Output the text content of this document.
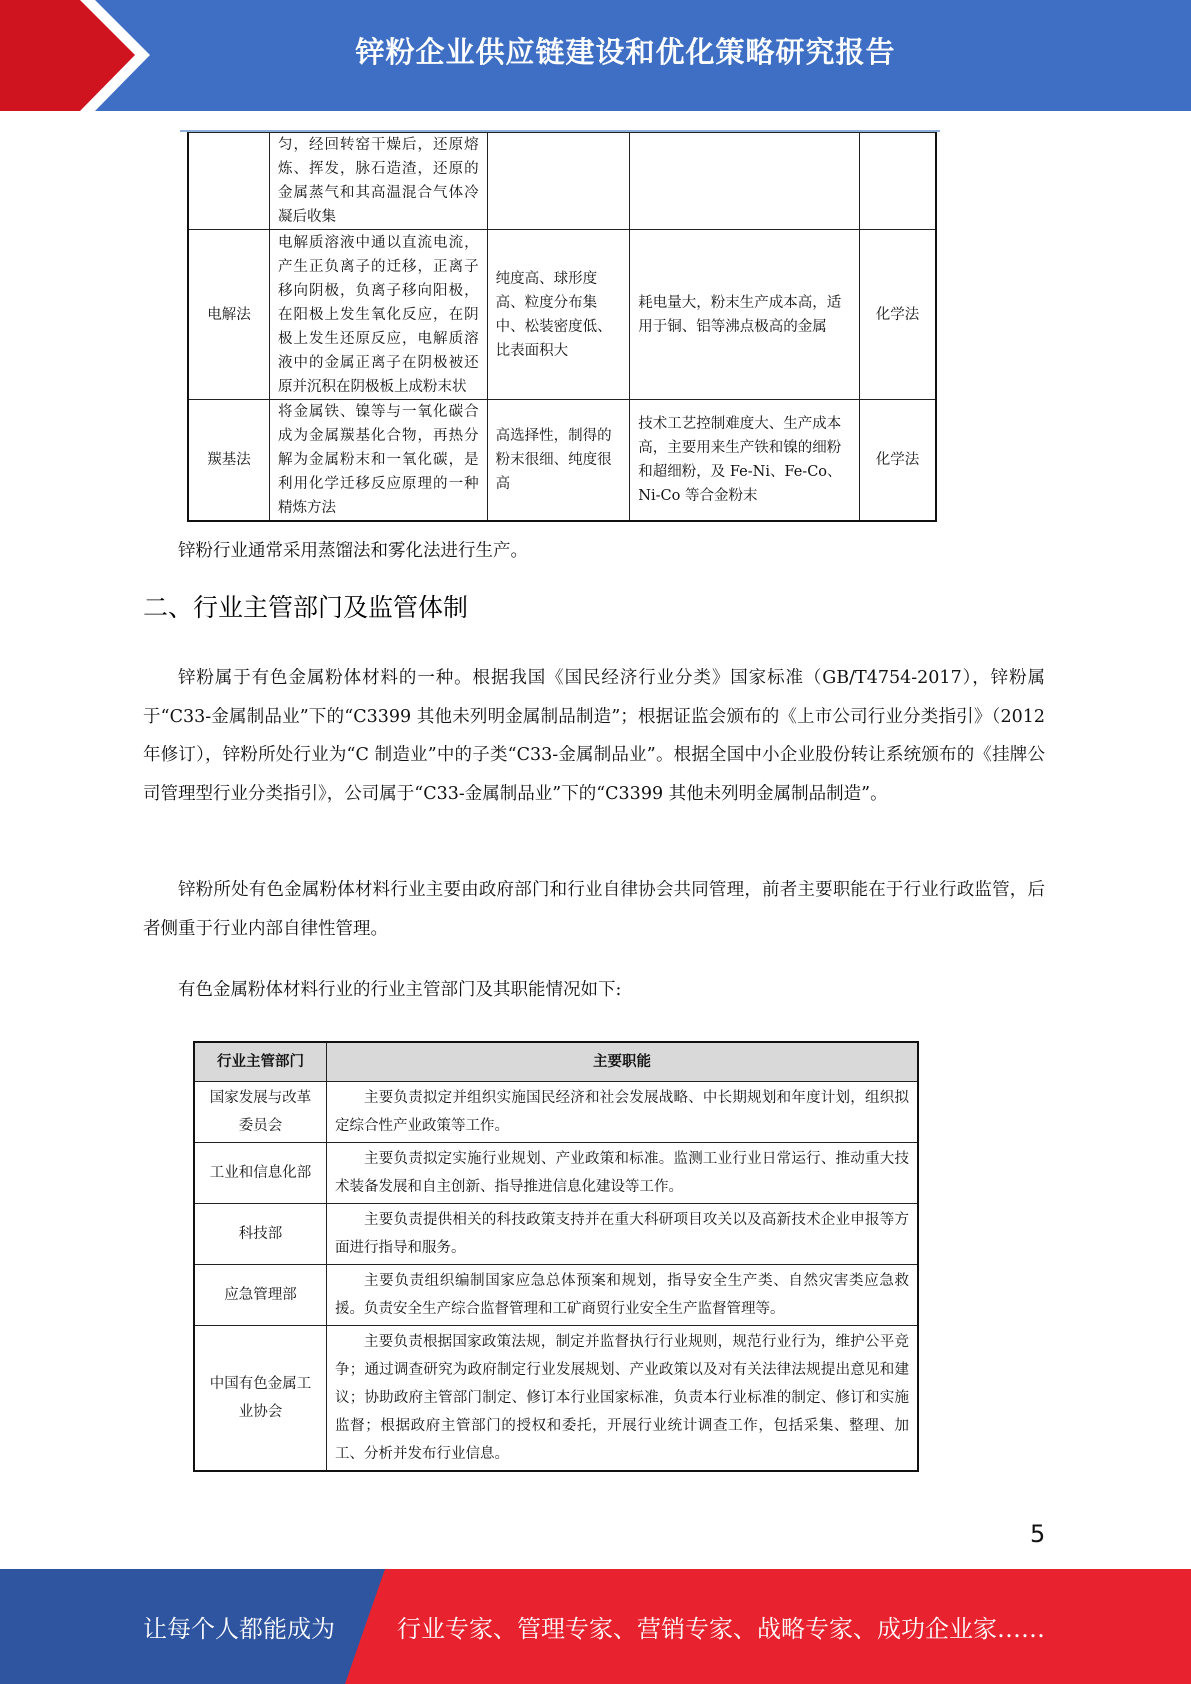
锌粉企业供应链建设和优化策略研究报告
	匀，经回转窑干燥后，还原熔炼、挥发，脉石造渣，还原的金属蒸气和其高温混合气体冷凝后收集			
电解法	电解质溶液中通以直流电流，产生正负离子的迁移，正离子移向阴极，负离子移向阳极，在阳极上发生氧化反应，在阴极上发生还原反应，电解质溶液中的金属正离子在阴极被还原并沉积在阴极板上成粉末状	纯度高、球形度高、粒度分布集中、松装密度低、比表面积大	耗电量大，粉末生产成本高，适用于铜、铝等沸点极高的金属	化学法
羰基法	将金属铁、镍等与一氧化碳合成为金属羰基化合物，再热分解为金属粉末和一氧化碳，是利用化学迁移反应原理的一种精炼方法	高选择性，制得的粉末很细、纯度很高	技术工艺控制难度大、生产成本高，主要用来生产铁和镍的细粉和超细粉，及 Fe-Ni、Fe-Co、Ni-Co 等合金粉末	化学法
锌粉行业通常采用蒸馏法和雾化法进行生产。
二、行业主管部门及监管体制
锌粉属于有色金属粉体材料的一种。根据我国《国民经济行业分类》国家标准（GB/T4754-2017），锌粉属于“C33-金属制品业”下的“C3399 其他未列明金属制品制造”；根据证监会颁布的《上市公司行业分类指引》（2012 年修订），锌粉所处行业为“C 制造业”中的子类“C33-金属制品业”。根据全国中小企业股份转让系统颁布的《挂牌公司管理型行业分类指引》，公司属于“C33-金属制品业”下的“C3399 其他未列明金属制品制造”。
锌粉所处有色金属粉体材料行业主要由政府部门和行业自律协会共同管理，前者主要职能在于行业行政监管，后者侧重于行业内部自律性管理。
有色金属粉体材料行业的行业主管部门及其职能情况如下:
行业主管部门	主要职能
国家发展与改革委员会	主要负责拟定并组织实施国民经济和社会发展战略、中长期规划和年度计划，组织拟定综合性产业政策等工作。
工业和信息化部	主要负责拟定实施行业规划、产业政策和标准。监测工业行业日常运行、推动重大技术装备发展和自主创新、指导推进信息化建设等工作。
科技部	主要负责提供相关的科技政策支持并在重大科研项目攻关以及高新技术企业申报等方面进行指导和服务。
应急管理部	主要负责组织编制国家应急总体预案和规划，指导安全生产类、自然灾害类应急救援。负责安全生产综合监督管理和工矿商贸行业安全生产监督管理等。
中国有色金属工业协会	主要负责根据国家政策法规，制定并监督执行行业规则，规范行业行为，维护公平竞争；通过调查研究为政府制定行业发展规划、产业政策以及对有关法律法规提出意见和建议；协助政府主管部门制定、修订本行业国家标准，负责本行业标准的制定、修订和实施监督；根据政府主管部门的授权和委托，开展行业统计调查工作，包括采集、整理、加工、分析并发布行业信息。
5
让每个人都能成为	行业专家、管理专家、营销专家、战略专家、成功企业家……
